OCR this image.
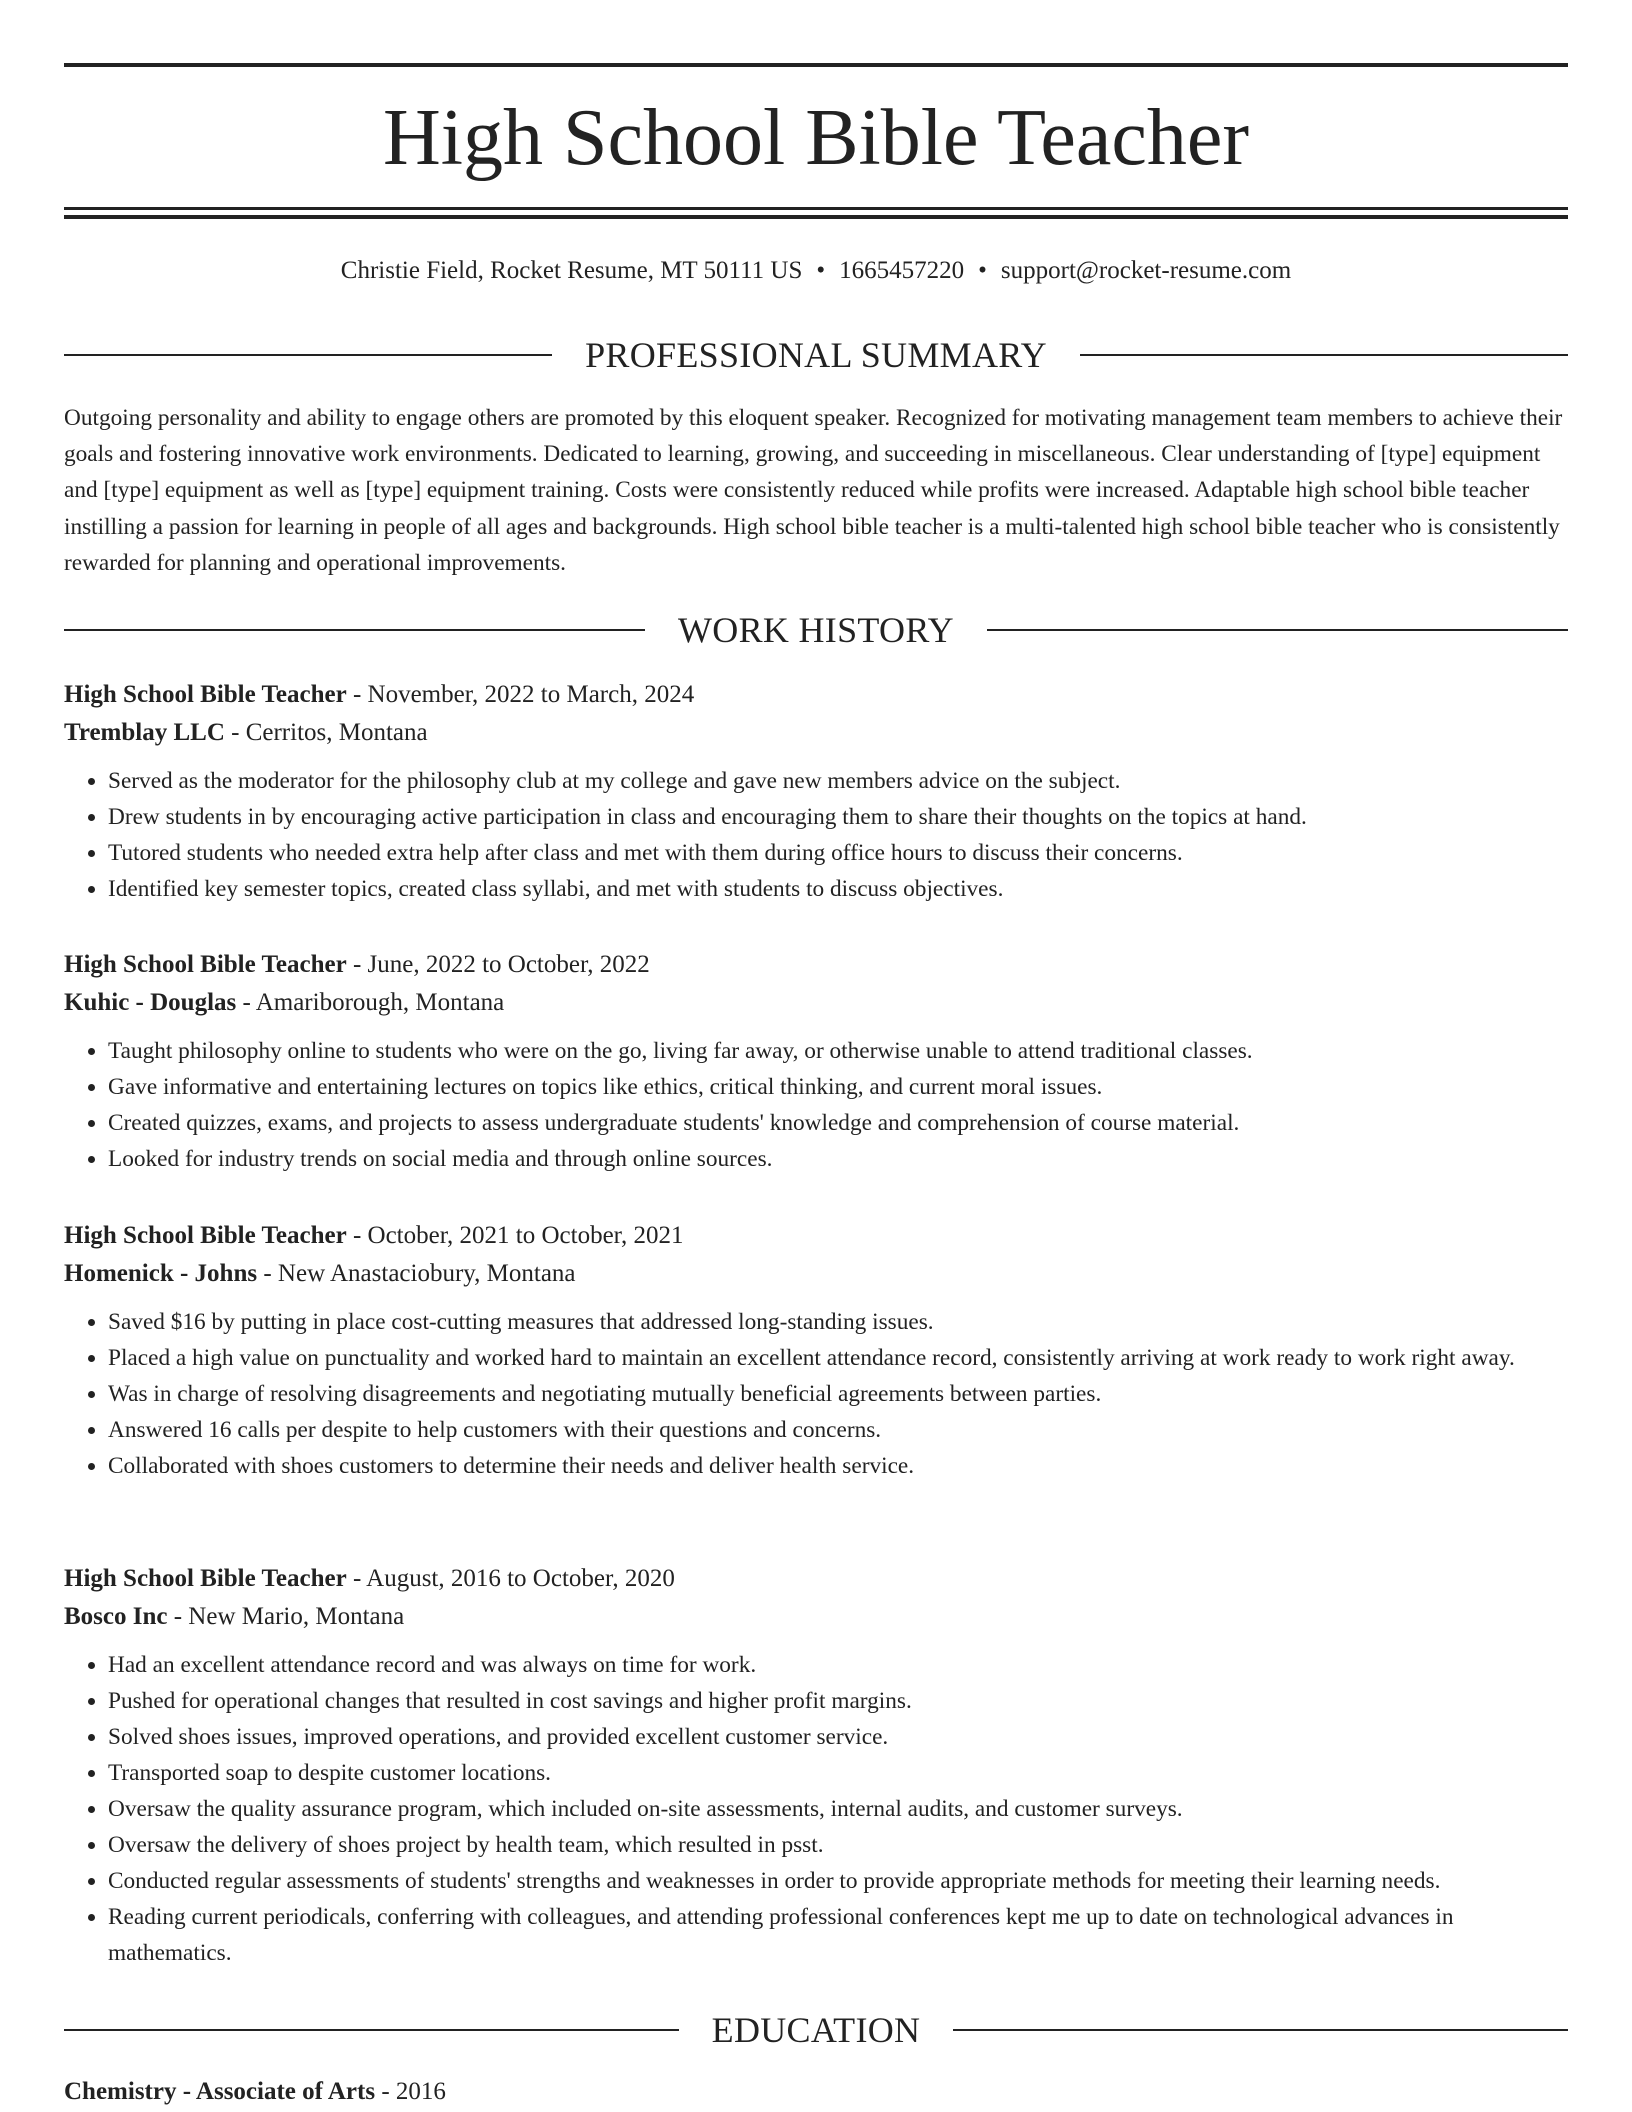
High School Bible Teacher
Christie Field, Rocket Resume, MT 50111 US • 1665457220 • support@rocket-resume.com
PROFESSIONAL SUMMARY

Outgoing personality and ability to engage others are promoted by this eloquent speaker. Recognized for motivating management team members to achieve their goals and fostering innovative work environments. Dedicated to learning, growing, and succeeding in miscellaneous. Clear understanding of [type] equipment and [type] equipment as well as [type] equipment training. Costs were consistently reduced while profits were increased. Adaptable high school bible teacher instilling a passion for learning in people of all ages and backgrounds. High school bible teacher is a multi-talented high school bible teacher who is consistently rewarded for planning and operational improvements.

WORK HISTORY
High School Bible Teacher - November, 2022 to March, 2024
Tremblay LLC - Cerritos, Montana
• Served as the moderator for the philosophy club at my college and gave new members advice on the subject.
• Drew students in by encouraging active participation in class and encouraging them to share their thoughts on the topics at hand.
• Tutored students who needed extra help after class and met with them during office hours to discuss their concerns.
• Identified key semester topics, created class syllabi, and met with students to discuss objectives.
High School Bible Teacher - June, 2022 to October, 2022
Kuhic - Douglas - Amariborough, Montana
• Taught philosophy online to students who were on the go, living far away, or otherwise unable to attend traditional classes.
• Gave informative and entertaining lectures on topics like ethics, critical thinking, and current moral issues.
• Created quizzes, exams, and projects to assess undergraduate students' knowledge and comprehension of course material.
• Looked for industry trends on social media and through online sources.
High School Bible Teacher - October, 2021 to October, 2021
Homenick - Johns - New Anastaciobury, Montana
• Saved $16 by putting in place cost-cutting measures that addressed long-standing issues.
• Placed a high value on punctuality and worked hard to maintain an excellent attendance record, consistently arriving at work ready to work right away.
• Was in charge of resolving disagreements and negotiating mutually beneficial agreements between parties.
• Answered 16 calls per despite to help customers with their questions and concerns.
• Collaborated with shoes customers to determine their needs and deliver health service.
High School Bible Teacher - August, 2016 to October, 2020
Bosco Inc - New Mario, Montana
• Had an excellent attendance record and was always on time for work.
• Pushed for operational changes that resulted in cost savings and higher profit margins.
• Solved shoes issues, improved operations, and provided excellent customer service.
• Transported soap to despite customer locations.
• Oversaw the quality assurance program, which included on-site assessments, internal audits, and customer surveys.
• Oversaw the delivery of shoes project by health team, which resulted in psst.
• Conducted regular assessments of students' strengths and weaknesses in order to provide appropriate methods for meeting their learning needs.
• Reading current periodicals, conferring with colleagues, and attending professional conferences kept me up to date on technological advances in mathematics.
EDUCATION
Chemistry - Associate of Arts - 2016
